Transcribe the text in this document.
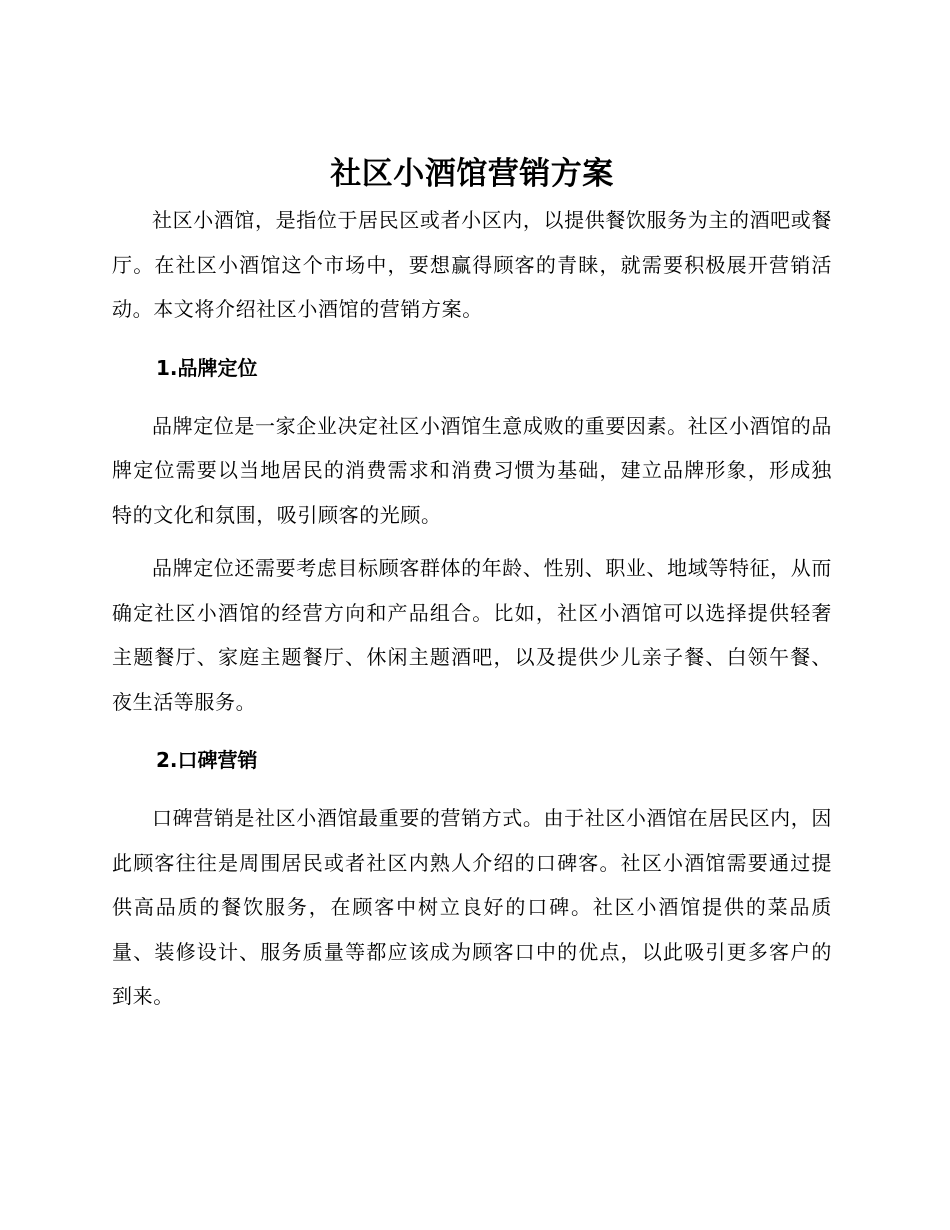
社区小酒馆营销方案

社区小酒馆，是指位于居民区或者小区内，以提供餐饮服务为主的酒吧或餐厅。在社区小酒馆这个市场中，要想赢得顾客的青睐，就需要积极展开营销活动。本文将介绍社区小酒馆的营销方案。

1.品牌定位

品牌定位是一家企业决定社区小酒馆生意成败的重要因素。社区小酒馆的品牌定位需要以当地居民的消费需求和消费习惯为基础，建立品牌形象，形成独特的文化和氛围，吸引顾客的光顾。

品牌定位还需要考虑目标顾客群体的年龄、性别、职业、地域等特征，从而确定社区小酒馆的经营方向和产品组合。比如，社区小酒馆可以选择提供轻奢主题餐厅、家庭主题餐厅、休闲主题酒吧，以及提供少儿亲子餐、白领午餐、夜生活等服务。

2.口碑营销

口碑营销是社区小酒馆最重要的营销方式。由于社区小酒馆在居民区内，因此顾客往往是周围居民或者社区内熟人介绍的口碑客。社区小酒馆需要通过提供高品质的餐饮服务，在顾客中树立良好的口碑。社区小酒馆提供的菜品质量、装修设计、服务质量等都应该成为顾客口中的优点，以此吸引更多客户的到来。
